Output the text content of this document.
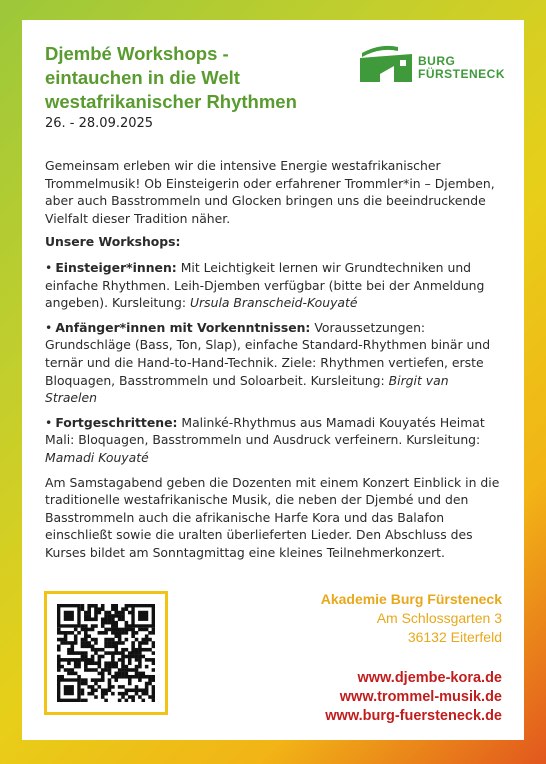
Djembé Workshops -
eintauchen in die Welt
westafrikanischer Rhythmen
26. - 28.09.2025
BURG
FÜRSTENECK

Gemeinsam erleben wir die intensive Energie westafrikanischer Trommelmusik! Ob Einsteigerin oder erfahrener Trommler*in – Djemben, aber auch Basstrommeln und Glocken bringen uns die beeindruckende Vielfalt dieser Tradition näher.

Unsere Workshops:

• Einsteiger*innen: Mit Leichtigkeit lernen wir Grundtechniken und einfache Rhythmen. Leih-Djemben verfügbar (bitte bei der Anmeldung angeben). Kursleitung: Ursula Branscheid-Kouyaté
• Anfänger*innen mit Vorkenntnissen: Voraussetzungen: Grundschläge (Bass, Ton, Slap), einfache Standard-Rhythmen binär und ternär und die Hand-to-Hand-Technik. Ziele: Rhythmen vertiefen, erste Bloquagen, Basstrommeln und Soloarbeit. Kursleitung: Birgit van Straelen
• Fortgeschrittene: Malinké-Rhythmus aus Mamadi Kouyatés Heimat Mali: Bloquagen, Basstrommeln und Ausdruck verfeinern. Kursleitung: Mamadi Kouyaté

Am Samstagabend geben die Dozenten mit einem Konzert Einblick in die traditionelle westafrikanische Musik, die neben der Djembé und den Basstrommeln auch die afrikanische Harfe Kora und das Balafon einschließt sowie die uralten überlieferten Lieder. Den Abschluss des Kurses bildet am Sonntagmittag eine kleines Teilnehmerkonzert.

Akademie Burg Fürsteneck
Am Schlossgarten 3
36132 Eiterfeld
www.djembe-kora.de
www.trommel-musik.de
www.burg-fuersteneck.de
